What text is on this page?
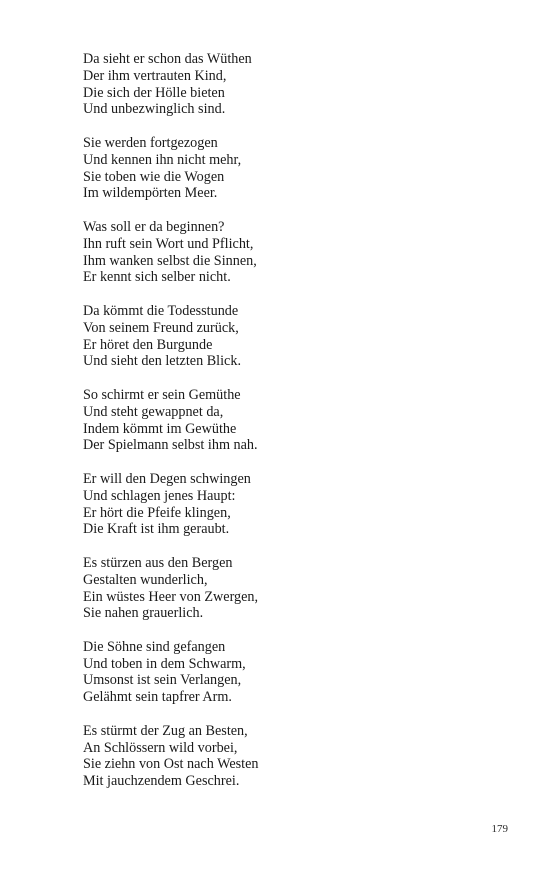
Da sieht er schon das Wüthen
Der ihm vertrauten Kind,
Die sich der Hölle bieten
Und unbezwinglich sind.
Sie werden fortgezogen
Und kennen ihn nicht mehr,
Sie toben wie die Wogen
Im wildempörten Meer.
Was soll er da beginnen?
Ihn ruft sein Wort und Pflicht,
Ihm wanken selbst die Sinnen,
Er kennt sich selber nicht.
Da kömmt die Todesstunde
Von seinem Freund zurück,
Er höret den Burgunde
Und sieht den letzten Blick.
So schirmt er sein Gemüthe
Und steht gewappnet da,
Indem kömmt im Gewüthe
Der Spielmann selbst ihm nah.
Er will den Degen schwingen
Und schlagen jenes Haupt:
Er hört die Pfeife klingen,
Die Kraft ist ihm geraubt.
Es stürzen aus den Bergen
Gestalten wunderlich,
Ein wüstes Heer von Zwergen,
Sie nahen grauerlich.
Die Söhne sind gefangen
Und toben in dem Schwarm,
Umsonst ist sein Verlangen,
Gelähmt sein tapfrer Arm.
Es stürmt der Zug an Besten,
An Schlössern wild vorbei,
Sie ziehn von Ost nach Westen
Mit jauchzendem Geschrei.
179
